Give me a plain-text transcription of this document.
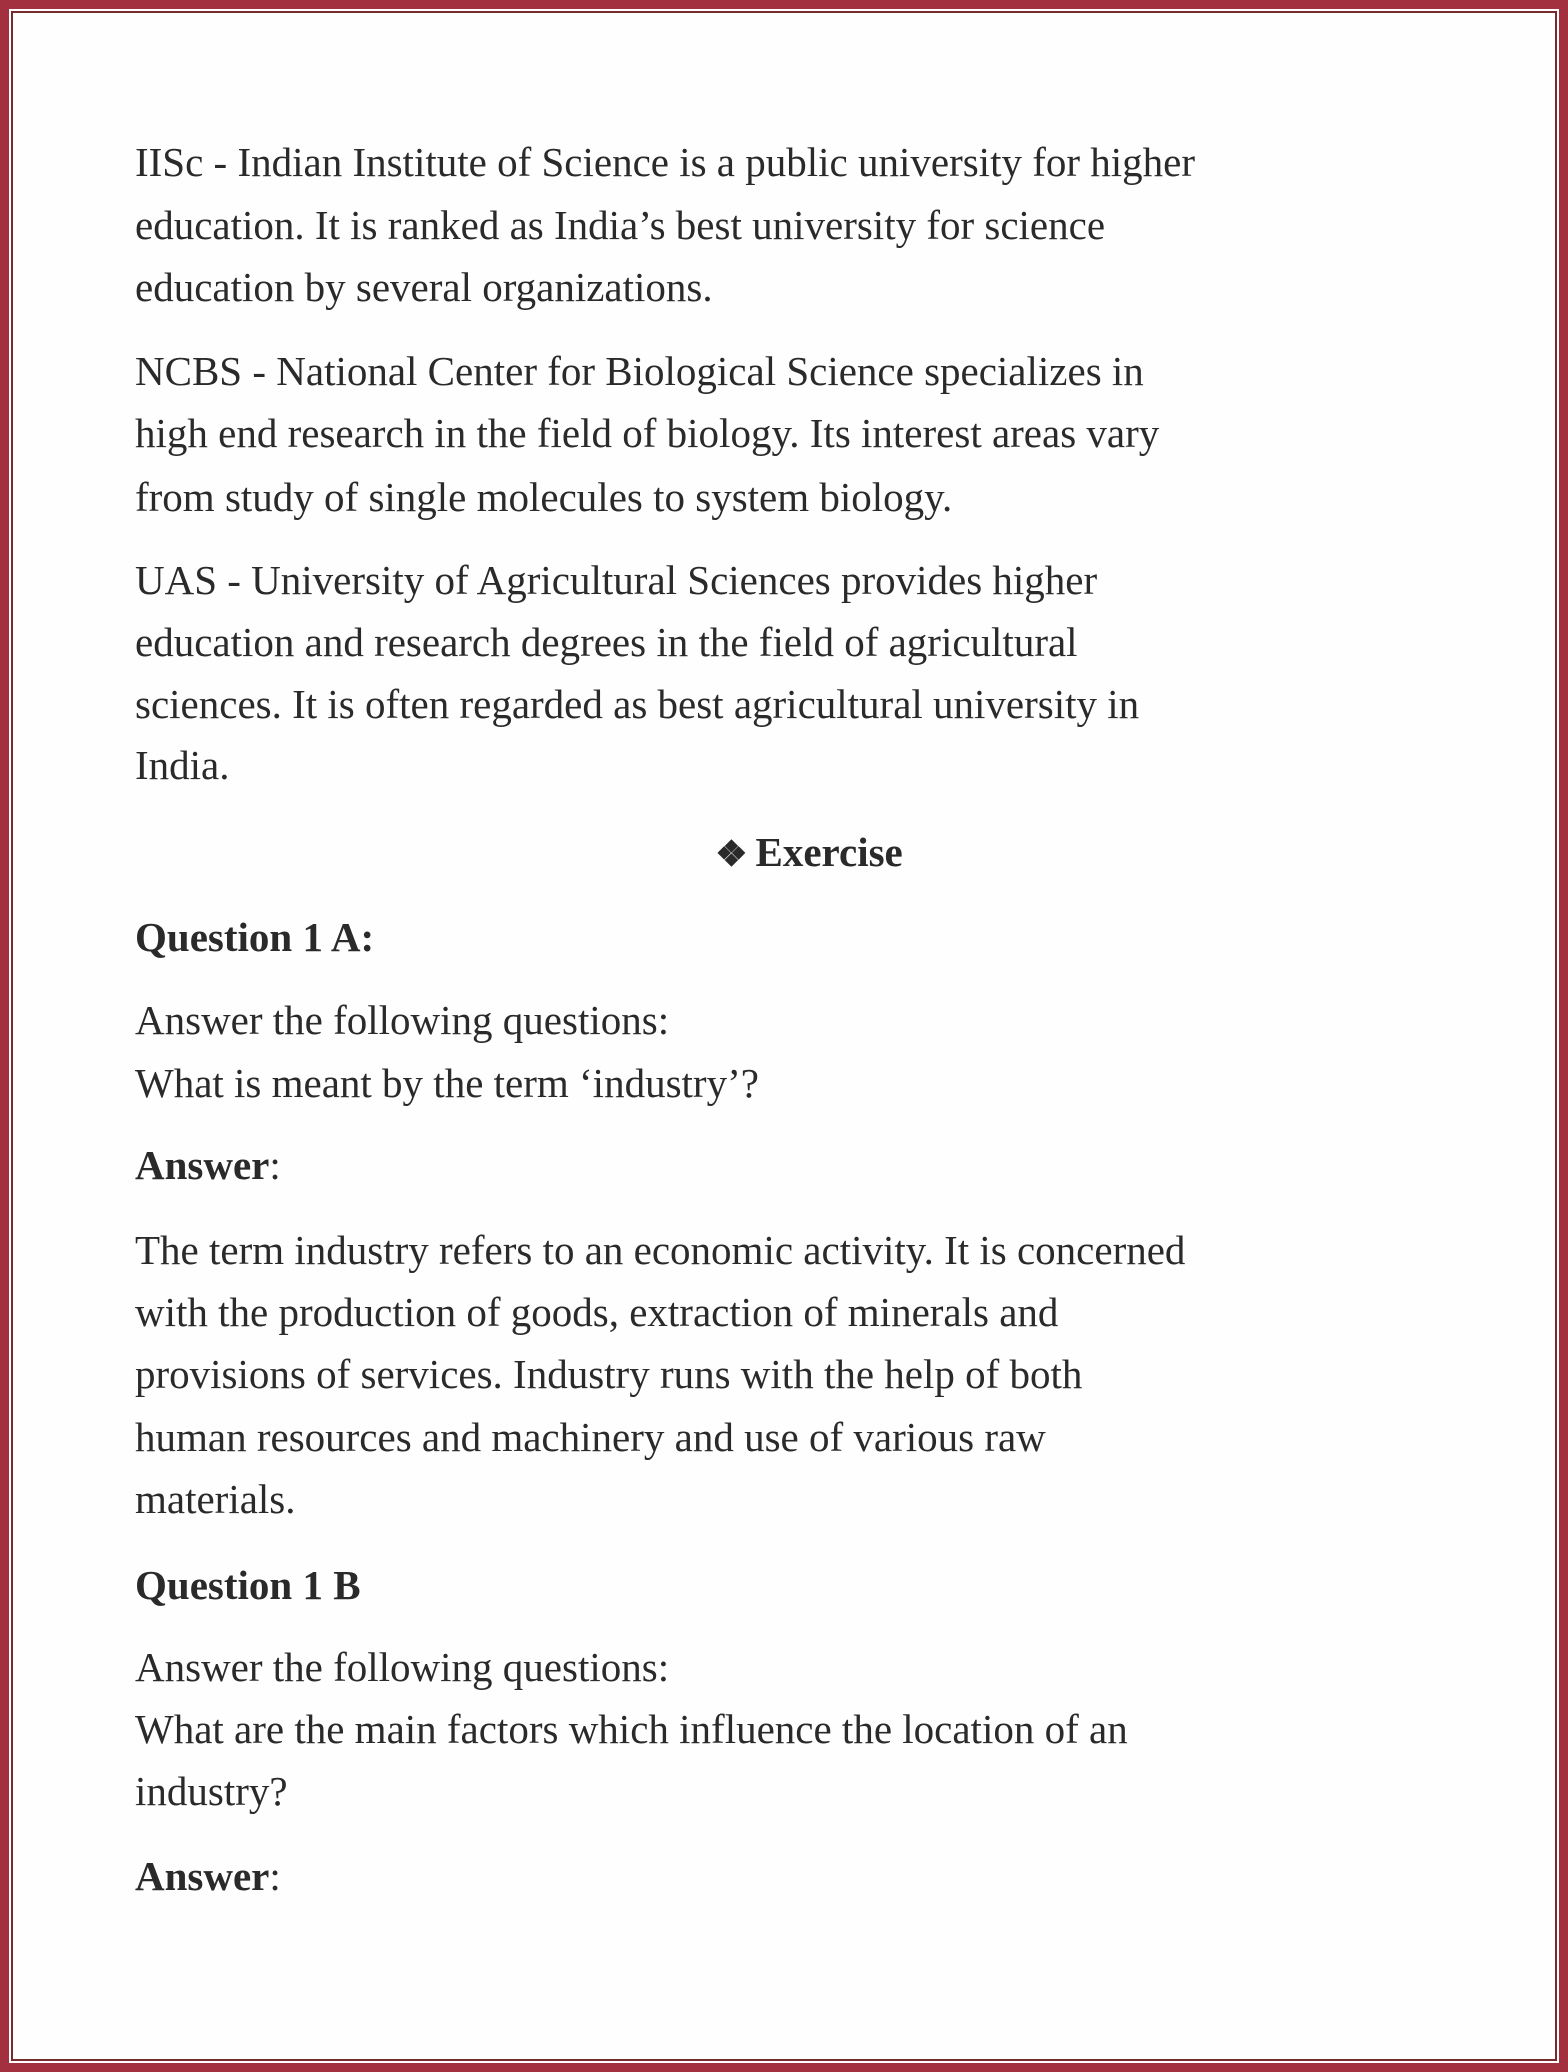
IISc - Indian Institute of Science is a public university for higher
education. It is ranked as India’s best university for science
education by several organizations.
NCBS - National Center for Biological Science specializes in
high end research in the field of biology. Its interest areas vary
from study of single molecules to system biology.
UAS - University of Agricultural Sciences provides higher
education and research degrees in the field of agricultural
sciences. It is often regarded as best agricultural university in
India.
❖ Exercise
Question 1 A:
Answer the following questions:
What is meant by the term ‘industry’?
Answer:
The term industry refers to an economic activity. It is concerned
with the production of goods, extraction of minerals and
provisions of services. Industry runs with the help of both
human resources and machinery and use of various raw
materials.
Question 1 B
Answer the following questions:
What are the main factors which influence the location of an
industry?
Answer:
